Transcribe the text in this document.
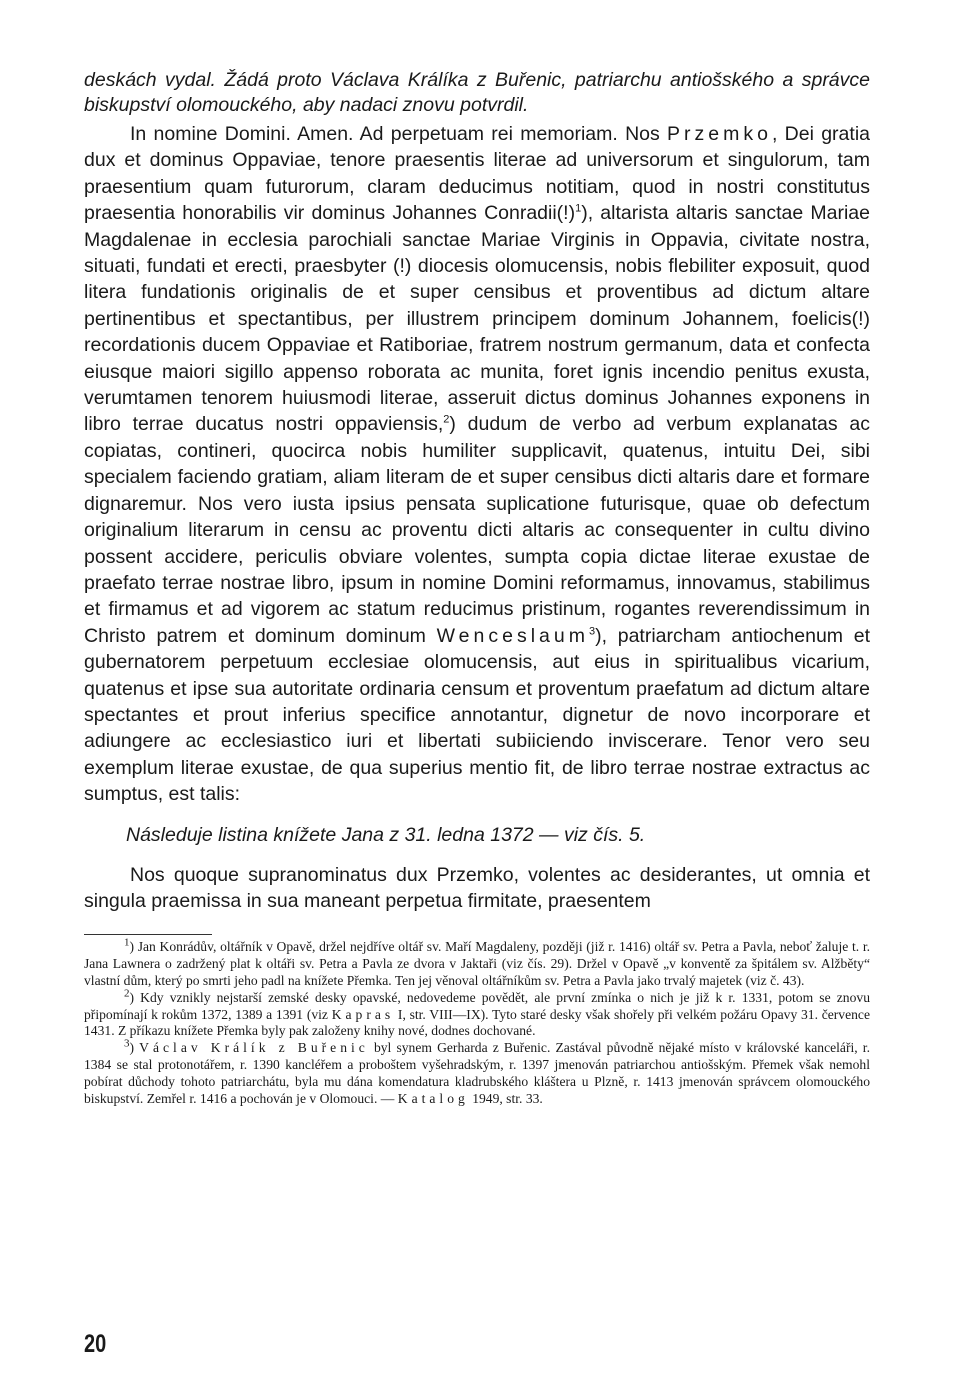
deskách vydal. Žádá proto Václava Králíka z Buřenic, patriarchu antiošského a správce biskupství olomouckého, aby nadaci znovu potvrdil.

In nomine Domini. Amen. Ad perpetuam rei memoriam. Nos Przemko, Dei gratia dux et dominus Oppaviae, tenore praesentis literae ad universorum et singulorum, tam praesentium quam futurorum, claram deducimus notitiam, quod in nostri constitutus praesentia honorabilis vir dominus Johannes Conradii(!)$^1$), altarista altaris sanctae Mariae Magdalenae in ecclesia parochiali sanctae Mariae Virginis in Oppavia, civitate nostra, situati, fundati et erecti, praesbyter (!) diocesis olomucensis, nobis flebiliter exposuit, quod litera fundationis originalis de et super censibus et proventibus ad dictum altare pertinentibus et spectantibus, per illustrem principem dominum Johannem, foelicis(!) recordationis ducem Oppaviae et Ratiboriae, fratrem nostrum germanum, data et confecta eiusque maiori sigillo appenso roborata ac munita, foret ignis incendio penitus exusta, verumtamen tenorem huiusmodi literae, asseruit dictus dominus Johannes exponens in libro terrae ducatus nostri oppaviensis,$^2$) dudum de verbo ad verbum explanatas ac copiatas, contineri, quocirca nobis humiliter supplicavit, quatenus, intuitu Dei, sibi specialem faciendo gratiam, aliam literam de et super censibus dicti altaris dare et formare dignaremur. Nos vero iusta ipsius pensata suplicatione futurisque, quae ob defectum originalium literarum in censu ac proventu dicti altaris ac consequenter in cultu divino possent accidere, periculis obviare volentes, sumpta copia dictae literae exustae de praefato terrae nostrae libro, ipsum in nomine Domini reformamus, innovamus, stabilimus et firmamus et ad vigorem ac statum reducimus pristinum, rogantes reverendissimum in Christo patrem et dominum dominum Wenceslaum$^3$), patriarcham antiochenum et gubernatorem perpetuum ecclesiae olomucensis, aut eius in spiritualibus vicarium, quatenus et ipse sua autoritate ordinaria censum et proventum praefatum ad dictum altare spectantes et prout inferius specifice annotantur, dignetur de novo incorporare et adiungere ac ecclesiastico iuri et libertati subiiciendo inviscerare. Tenor vero seu exemplum literae exustae, de qua superius mentio fit, de libro terrae nostrae extractus ac sumptus, est talis:

Následuje listina knížete Jana z 31. ledna 1372 — viz čís. 5.

Nos quoque supranominatus dux Przemko, volentes ac desiderantes, ut omnia et singula praemissa in sua maneant perpetua firmitate, praesentem

$^1$) Jan Konrádův, oltářník v Opavě, držel nejdříve oltář sv. Maří Magdaleny, později (již r. 1416) oltář sv. Petra a Pavla, neboť žaluje t. r. Jana Lawnera o zadržený plat k oltáři sv. Petra a Pavla ze dvora v Jaktaři (viz čís. 29). Držel v Opavě „v konventě za špitálem sv. Alžběty“ vlastní dům, který po smrti jeho padl na knížete Přemka. Ten jej věnoval oltářníkům sv. Petra a Pavla jako trvalý majetek (viz č. 43).

$^2$) Kdy vznikly nejstarší zemské desky opavské, nedovedeme povědět, ale první zmínka o nich je již k r. 1331, potom se znovu připomínají k rokům 1372, 1389 a 1391 (viz Kapras I, str. VIII—IX). Tyto staré desky však shořely při velkém požáru Opavy 31. července 1431. Z příkazu knížete Přemka byly pak založeny knihy nové, dodnes dochované.

$^3$) Václav Králík z Buřenic byl synem Gerharda z Buřenic. Zastával původně nějaké místo v královské kanceláři, r. 1384 se stal protonotářem, r. 1390 kancléřem a proboštem vyšehradským, r. 1397 jmenován patriarchou antiošským. Přemek však nemohl pobírat důchody tohoto patriarchátu, byla mu dána komendatura kladrubského kláštera u Plzně, r. 1413 jmenován správcem olomouckého biskupství. Zemřel r. 1416 a pochován je v Olomouci. — Katalog 1949, str. 33.

20
